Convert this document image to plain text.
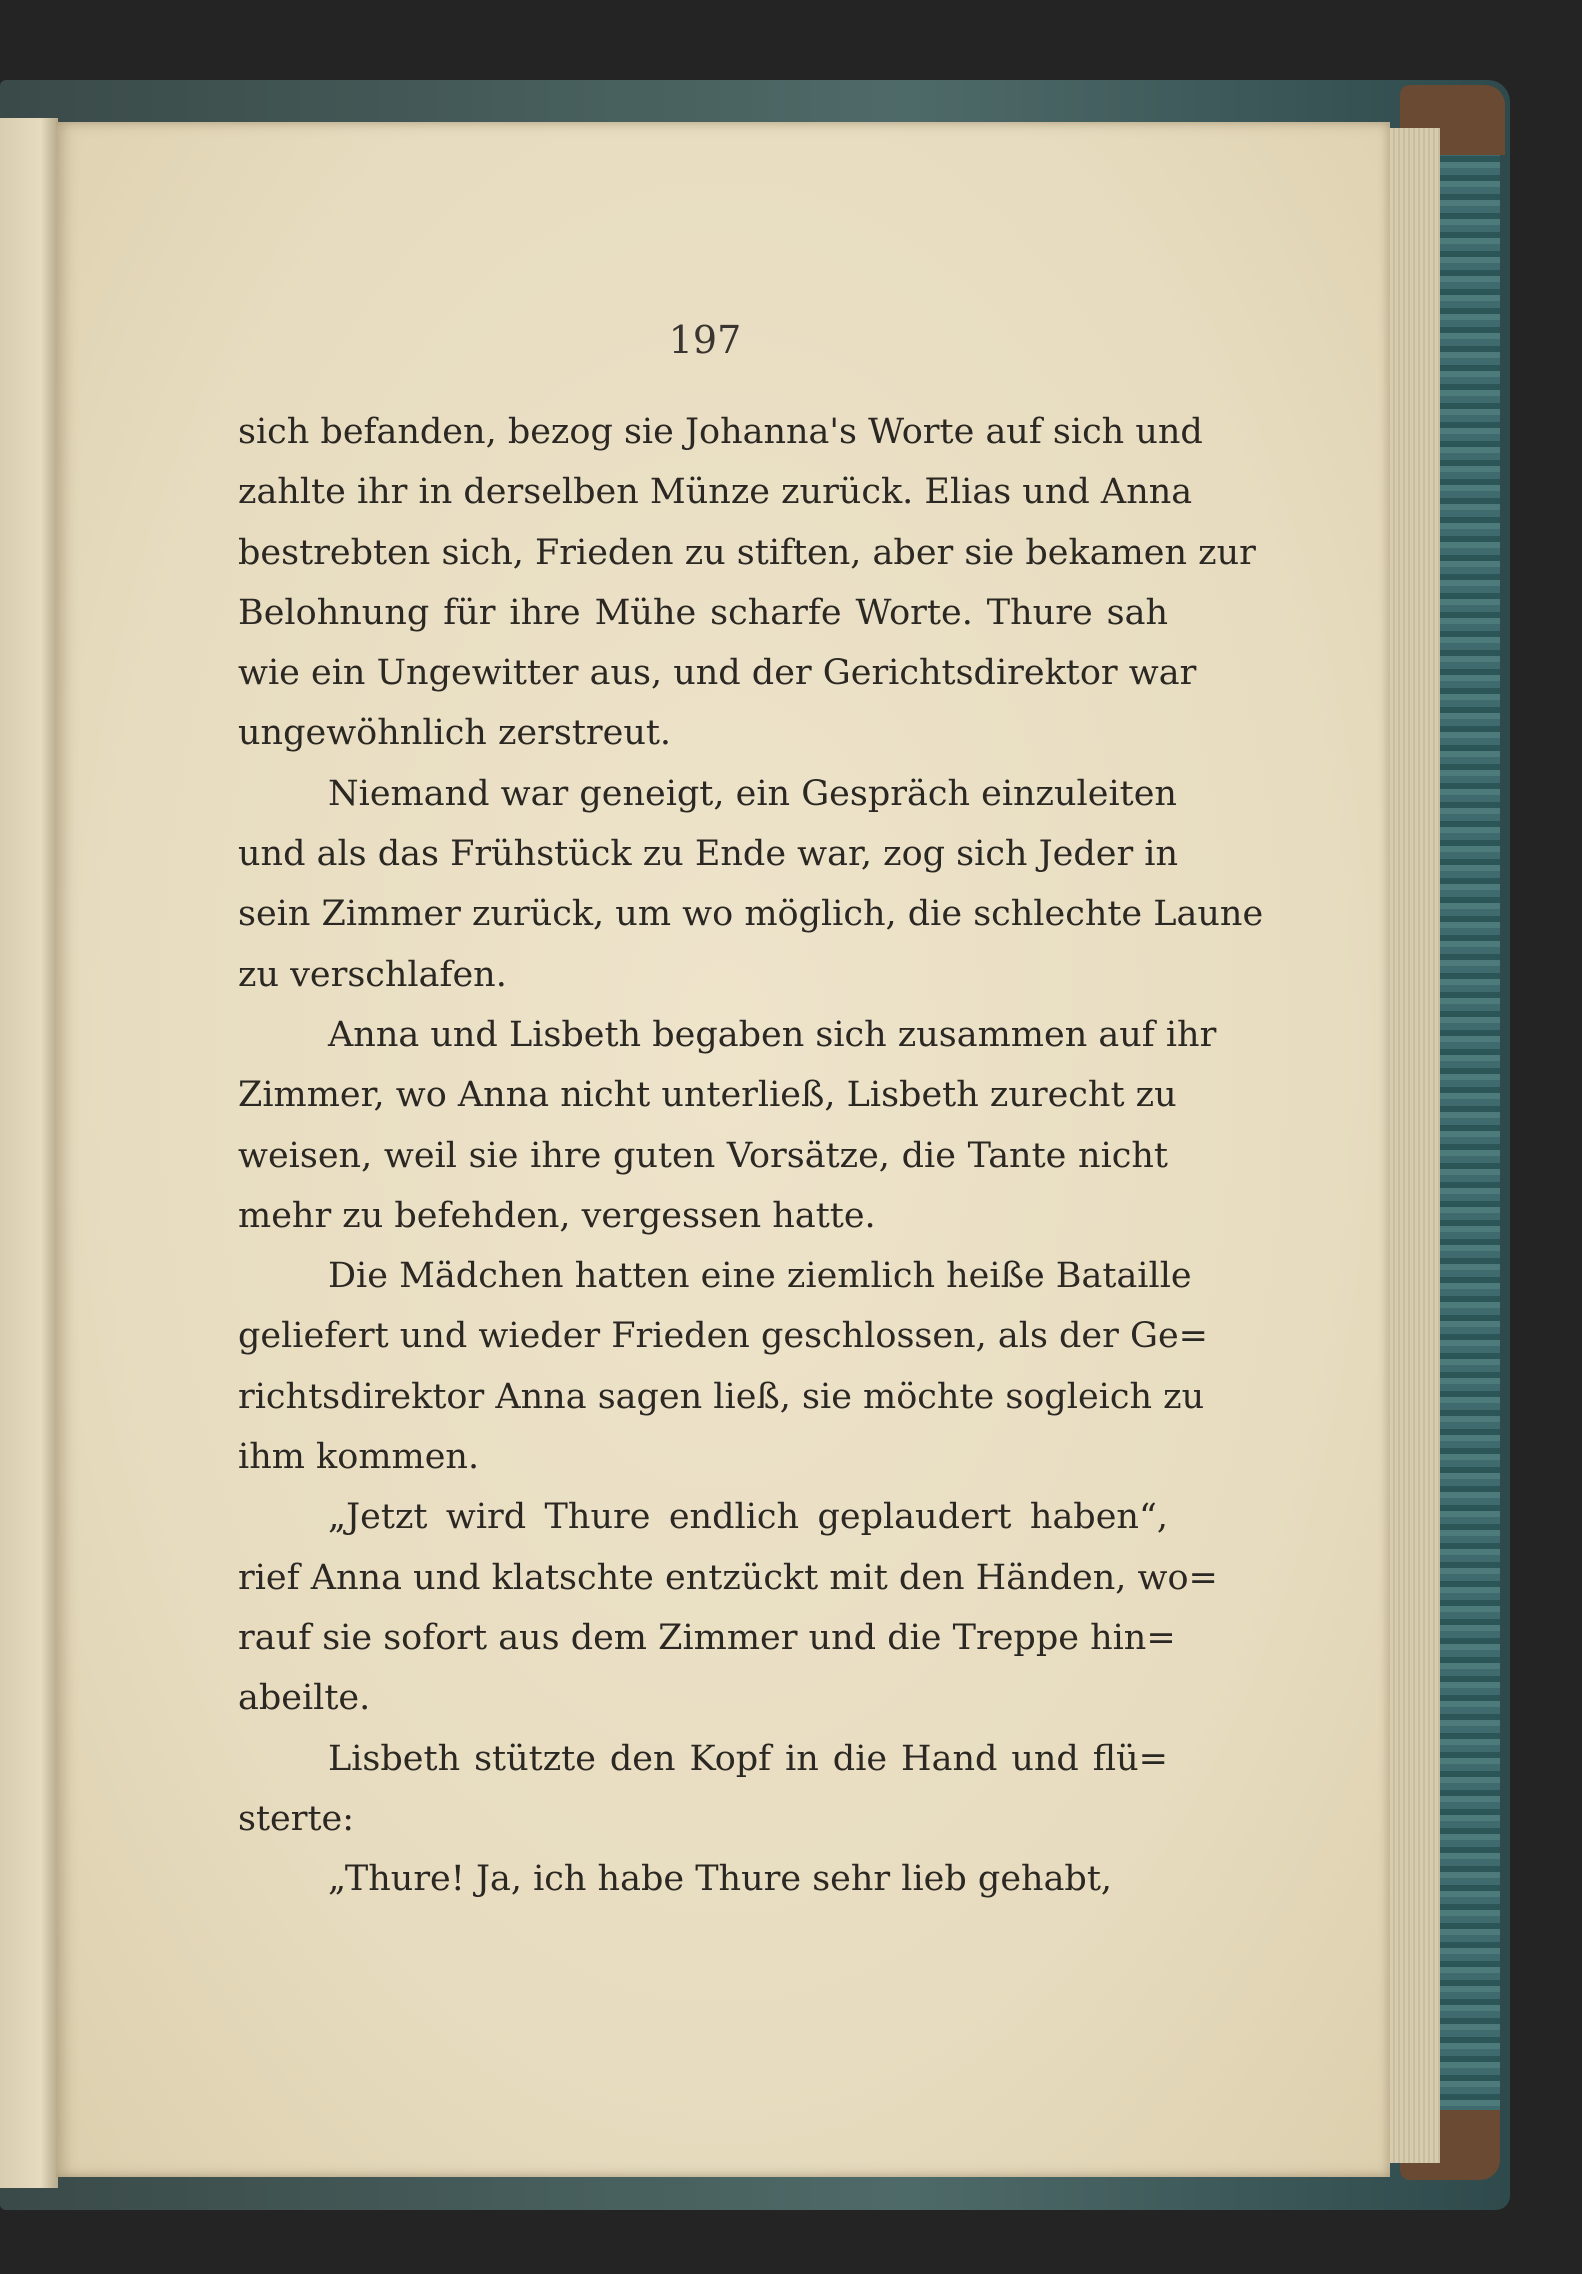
197
sich befanden, bezog sie Johanna's Worte auf sich und
zahlte ihr in derselben Münze zurück. Elias und Anna
bestrebten sich, Frieden zu stiften, aber sie bekamen zur
Belohnung für ihre Mühe scharfe Worte. Thure sah
wie ein Ungewitter aus, und der Gerichtsdirektor war
ungewöhnlich zerstreut.
Niemand war geneigt, ein Gespräch einzuleiten
und als das Frühstück zu Ende war, zog sich Jeder in
sein Zimmer zurück, um wo möglich, die schlechte Laune
zu verschlafen.
Anna und Lisbeth begaben sich zusammen auf ihr
Zimmer, wo Anna nicht unterließ, Lisbeth zurecht zu
weisen, weil sie ihre guten Vorsätze, die Tante nicht
mehr zu befehden, vergessen hatte.
Die Mädchen hatten eine ziemlich heiße Bataille
geliefert und wieder Frieden geschlossen, als der Ge=
richtsdirektor Anna sagen ließ, sie möchte sogleich zu
ihm kommen.
„Jetzt wird Thure endlich geplaudert haben“,
rief Anna und klatschte entzückt mit den Händen, wo=
rauf sie sofort aus dem Zimmer und die Treppe hin=
abeilte.
Lisbeth stützte den Kopf in die Hand und flü=
sterte:
„Thure! Ja, ich habe Thure sehr lieb gehabt,
